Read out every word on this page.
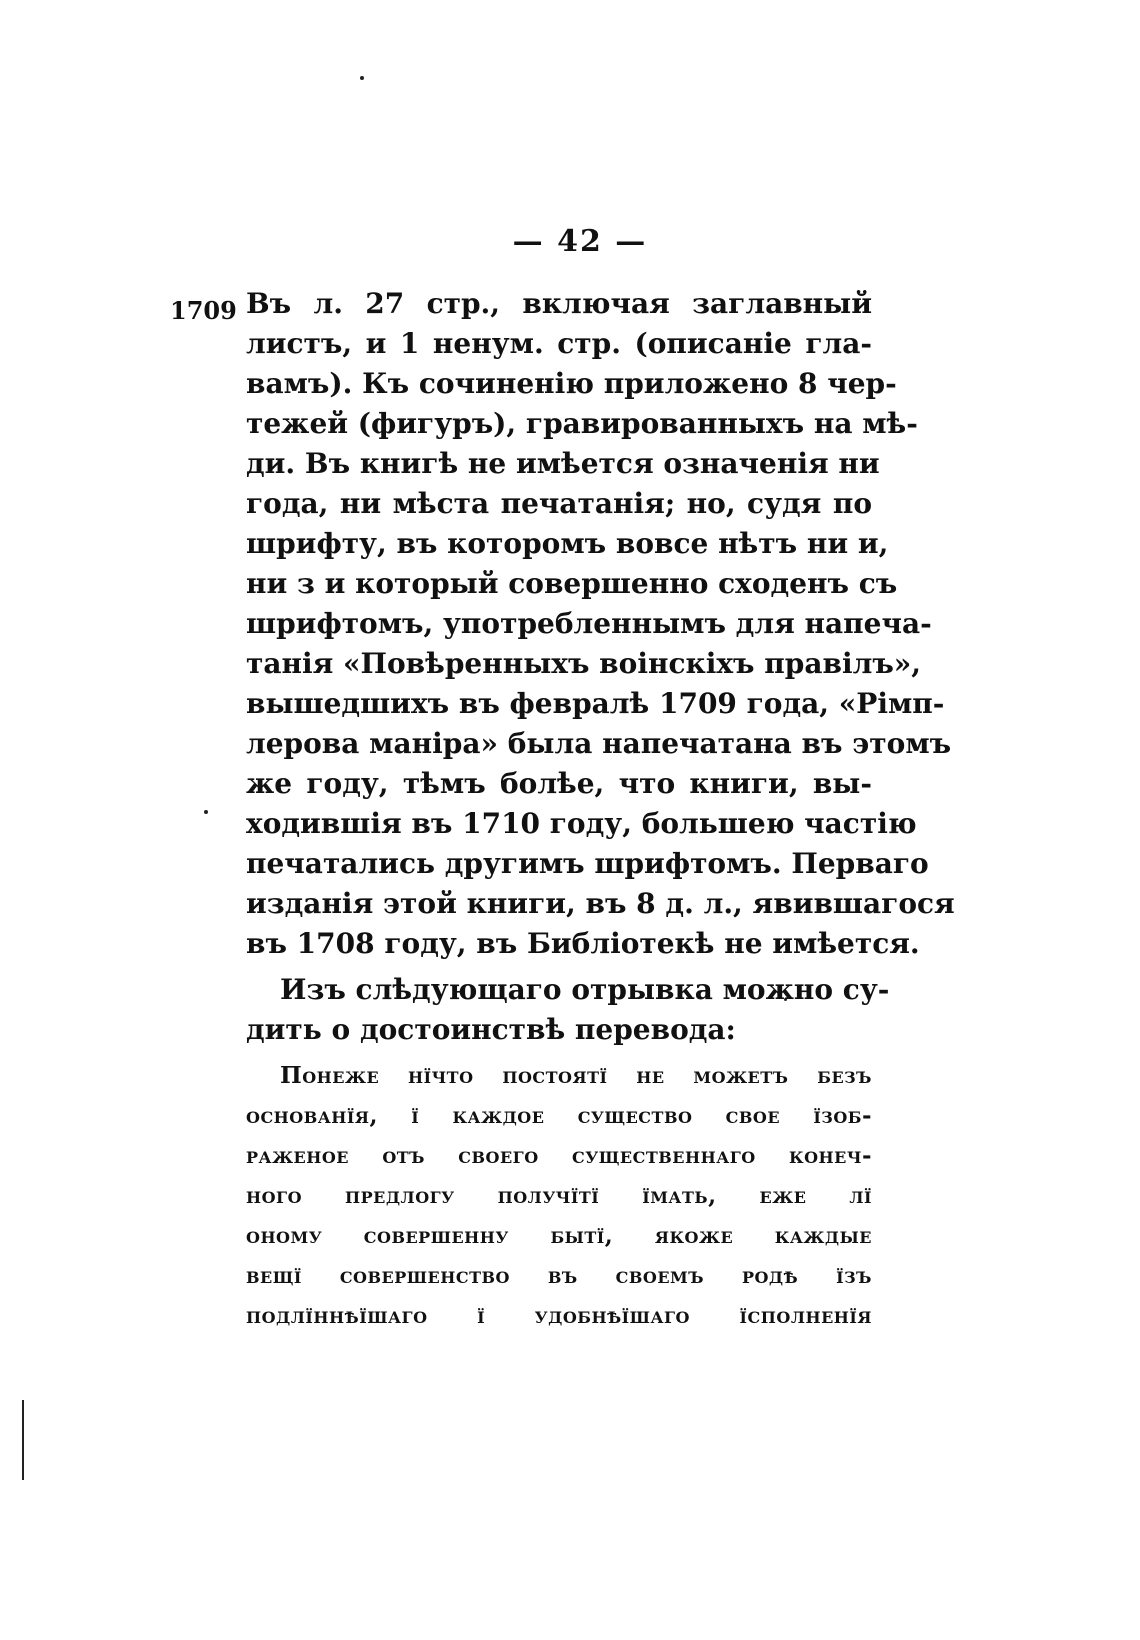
— 42 —
1709 Въ л. 27 стр., включая заглавный
листъ, и 1 ненум. стр. (описаніе гла-
вамъ). Къ сочиненію приложено 8 чер-
тежей (фигуръ), гравированныхъ на мѣ-
ди. Въ книгѣ не имѣется означенія ни
года, ни мѣста печатанія; но, судя по
шрифту, въ которомъ вовсе нѣтъ ни и,
ни з и который совершенно сходенъ съ
шрифтомъ, употребленнымъ для напеча-
танія «Повѣренныхъ воінскіхъ правілъ»,
вышедшихъ въ февралѣ 1709 года, «Рімп-
лерова маніра» была напечатана въ этомъ
же году, тѣмъ болѣе, что книги, вы-
ходившія въ 1710 году, большею частію
печатались другимъ шрифтомъ. Перваго
изданія этой книги, въ 8 д. л., явившагося
въ 1708 году, въ Библіотекѣ не имѣется.

Изъ слѣдующаго отрывка можно су-
дить о достоинствѣ перевода:

Понеже нїчто постоятї не можетъ безъ
основанїя, ї каждое существо свое їзоб-
раженое отъ своего существеннаго конеч-
ного предлогу получїтї їмать, еже лї
оному совершенну бытї, якоже каждые
вещї совершенство въ своемъ родѣ їзъ
подлїннѣїшаго ї удобнѣїшаго їсполненїя
